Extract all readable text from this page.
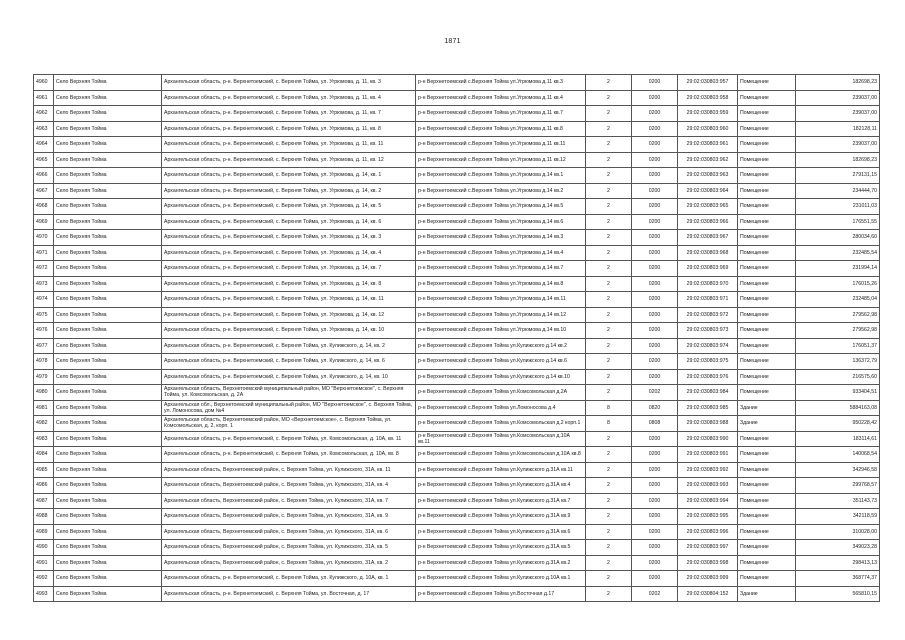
1871
4960	Село Верхняя Тойма	Архангельская область, р-н. Верхнетоемский, с. Верхняя Тойма, ул. Угрюмова, д. 11, кв. 3	р-н Верхнетоемский с.Верхняя Тойма ул.Угрюмова д.11 кв.3	2	0200	29:02:030803:957	Помещение	182698,23
4961	Село Верхняя Тойма	Архангельская область, р-н. Верхнетоемский, с. Верхняя Тойма, ул. Угрюмова, д. 11, кв. 4	р-н Верхнетоемский с.Верхняя Тойма ул.Угрюмова д.11 кв.4	2	0200	29:02:030803:958	Помещение	239037,00
4962	Село Верхняя Тойма	Архангельская область, р-н. Верхнетоемский, с. Верхняя Тойма, ул. Угрюмова, д. 11, кв. 7	р-н Верхнетоемский с.Верхняя Тойма ул.Угрюмова д.11 кв.7	2	0200	29:02:030803:959	Помещение	239037,00
4963	Село Верхняя Тойма	Архангельская область, р-н. Верхнетоемский, с. Верхняя Тойма, ул. Угрюмова, д. 11, кв. 8	р-н Верхнетоемский с.Верхняя Тойма ул.Угрюмова д.11 кв.8	2	0200	29:02:030803:960	Помещение	182128,11
4964	Село Верхняя Тойма	Архангельская область, р-н. Верхнетоемский, с. Верхняя Тойма, ул. Угрюмова, д. 11, кв. 11	р-н Верхнетоемский с.Верхняя Тойма ул.Угрюмова д.11 кв.11	2	0200	29:02:030803:961	Помещение	239037,00
4965	Село Верхняя Тойма	Архангельская область, р-н. Верхнетоемский, с. Верхняя Тойма, ул. Угрюмова, д. 11, кв. 12	р-н Верхнетоемский с.Верхняя Тойма ул.Угрюмова д.11 кв.12	2	0200	29:02:030803:962	Помещение	182698,23
4966	Село Верхняя Тойма	Архангельская область, р-н. Верхнетоемский, с. Верхняя Тойма, ул. Угрюмова, д. 14, кв. 1	р-н Верхнетоемский с.Верхняя Тойма ул.Угрюмова д.14 кв.1	2	0200	29:02:030803:963	Помещение	279131,15
4967	Село Верхняя Тойма	Архангельская область, р-н. Верхнетоемский, с. Верхняя Тойма, ул. Угрюмова, д. 14, кв. 2	р-н Верхнетоемский с.Верхняя Тойма ул.Угрюмова д.14 кв.2	2	0200	29:02:030803:964	Помещение	234444,70
4968	Село Верхняя Тойма	Архангельская область, р-н. Верхнетоемский, с. Верхняя Тойма, ул. Угрюмова, д. 14, кв. 5	р-н Верхнетоемский с.Верхняя Тойма ул.Угрюмова д.14 кв.5	2	0200	29:02:030803:965	Помещение	231011,03
4969	Село Верхняя Тойма	Архангельская область, р-н. Верхнетоемский, с. Верхняя Тойма, ул. Угрюмова, д. 14, кв. 6	р-н Верхнетоемский с.Верхняя Тойма ул.Угрюмова д.14 кв.6	2	0200	29:02:030803:966	Помещение	176551,55
4970	Село Верхняя Тойма	Архангельская область, р-н. Верхнетоемский, с. Верхняя Тойма, ул. Угрюмова, д. 14, кв. 3	р-н Верхнетоемский с.Верхняя Тойма ул.Угрюмова д.14 кв.3	2	0200	29:02:030803:967	Помещение	280034,60
4971	Село Верхняя Тойма	Архангельская область, р-н. Верхнетоемский, с. Верхняя Тойма, ул. Угрюмова, д. 14, кв. 4	р-н Верхнетоемский с.Верхняя Тойма ул.Угрюмова д.14 кв.4	2	0200	29:02:030803:968	Помещение	232485,54
4972	Село Верхняя Тойма	Архангельская область, р-н. Верхнетоемский, с. Верхняя Тойма, ул. Угрюмова, д. 14, кв. 7	р-н Верхнетоемский с.Верхняя Тойма ул.Угрюмова д.14 кв.7	2	0200	29:02:030803:969	Помещение	231994,14
4973	Село Верхняя Тойма	Архангельская область, р-н. Верхнетоемский, с. Верхняя Тойма, ул. Угрюмова, д. 14, кв. 8	р-н Верхнетоемский с.Верхняя Тойма ул.Угрюмова д.14 кв.8	2	0200	29:02:030803:970	Помещение	176015,26
4974	Село Верхняя Тойма	Архангельская область, р-н. Верхнетоемский, с. Верхняя Тойма, ул. Угрюмова, д. 14, кв. 11	р-н Верхнетоемский с.Верхняя Тойма ул.Угрюмова д.14 кв.11	2	0200	29:02:030803:971	Помещение	232485,04
4975	Село Верхняя Тойма	Архангельская область, р-н. Верхнетоемский, с. Верхняя Тойма, ул. Угрюмова, д. 14, кв. 12	р-н Верхнетоемский с.Верхняя Тойма ул.Угрюмова д.14 кв.12	2	0200	29:02:030803:972	Помещение	279562,98
4976	Село Верхняя Тойма	Архангельская область, р-н. Верхнетоемский, с. Верхняя Тойма, ул. Угрюмова, д. 14, кв. 10	р-н Верхнетоемский с.Верхняя Тойма ул.Угрюмова д.14 кв.10	2	0200	29:02:030803:973	Помещение	279562,98
4977	Село Верхняя Тойма	Архангельская область, р-н. Верхнетоемский, с. Верхняя Тойма, ул. Кулижского, д. 14, кв. 2	р-н Верхнетоемский с.Верхняя Тойма ул.Кулижского д.14 кв.2	2	0200	29:02:030803:974	Помещение	176051,37
4978	Село Верхняя Тойма	Архангельская область, р-н. Верхнетоемский, с. Верхняя Тойма, ул. Кулижского, д. 14, кв. 6	р-н Верхнетоемский с.Верхняя Тойма ул.Кулижского д.14 кв.6	2	0200	29:02:030803:975	Помещение	136372,79
4979	Село Верхняя Тойма	Архангельская область, р-н. Верхнетоемский, с. Верхняя Тойма, ул. Кулижского, д. 14, кв. 10	р-н Верхнетоемский с.Верхняя Тойма ул.Кулижского д.14 кв.10	2	0200	29:02:030803:976	Помещение	216575,60
4980	Село Верхняя Тойма	Архангельская область, Верхнетоемский муниципальный район, МО "Верхнетоемское", с. Верхняя Тойма, ул. Комсомольская, д. 2А	р-н Верхнетоемский с.Верхняя Тойма ул.Комсомольская д.2А	2	0202	29:02:030803:984	Помещение	933404,51
4981	Село Верхняя Тойма	Архангельская обл., Верхнетоемский муниципальный район, МО "Верхнетоемское", с. Верхняя Тойма, ул. Ломоносова, дом №4	р-н Верхнетоемский с.Верхняя Тойма ул.Ломоносова д.4	8	0820	29:02:030803:985	Здание	5884163,08
4982	Село Верхняя Тойма	Архангельская область, Верхнетоемский район, МО «Верхнетоемское», с. Верхняя Тойма, ул. Комсомольская, д. 2, корп. 1	р-н Верхнетоемский с.Верхняя Тойма ул.Комсомольская д.2 корп.1	8	0808	29:02:030803:988	Здание	950228,42
4983	Село Верхняя Тойма	Архангельская область, р-н. Верхнетоемский, с. Верхняя Тойма, ул. Комсомольская, д. 10А, кв. 11	р-н Верхнетоемский с.Верхняя Тойма ул.Комсомольская д.10А кв.11	2	0200	29:02:030803:990	Помещение	183114,61
4984	Село Верхняя Тойма	Архангельская область, р-н. Верхнетоемский, с. Верхняя Тойма, ул. Комсомольская, д. 10А, кв. 8	р-н Верхнетоемский с.Верхняя Тойма ул.Комсомольская д.10А кв.8	2	0200	29:02:030803:991	Помещение	140068,54
4985	Село Верхняя Тойма	Архангельская область, Верхнетоемский район, с. Верхняя Тойма, ул. Кулижского, 31А, кв. 11	р-н Верхнетоемский с.Верхняя Тойма ул.Кулижского д.31А кв.11	2	0200	29:02:030803:992	Помещение	342946,58
4986	Село Верхняя Тойма	Архангельская область, Верхнетоемский район, с. Верхняя Тойма, ул. Кулижского, 31А, кв. 4	р-н Верхнетоемский с.Верхняя Тойма ул.Кулижского д.31А кв.4	2	0200	29:02:030803:993	Помещение	299768,57
4987	Село Верхняя Тойма	Архангельская область, Верхнетоемский район, с. Верхняя Тойма, ул. Кулижского, 31А, кв. 7	р-н Верхнетоемский с.Верхняя Тойма ул.Кулижского д.31А кв.7	2	0200	29:02:030803:994	Помещение	351143,73
4988	Село Верхняя Тойма	Архангельская область, Верхнетоемский район, с. Верхняя Тойма, ул. Кулижского, 31А, кв. 9	р-н Верхнетоемский с.Верхняя Тойма ул.Кулижского д.31А кв.9	2	0200	29:02:030803:995	Помещение	342118,59
4989	Село Верхняя Тойма	Архангельская область, Верхнетоемский район, с. Верхняя Тойма, ул. Кулижского, 31А, кв. 6	р-н Верхнетоемский с.Верхняя Тойма ул.Кулижского д.31А кв.6	2	0200	29:02:030803:996	Помещение	310028,00
4990	Село Верхняя Тойма	Архангельская область, Верхнетоемский район, с. Верхняя Тойма, ул. Кулижского, 31А, кв. 5	р-н Верхнетоемский с.Верхняя Тойма ул.Кулижского д.31А кв.5	2	0200	29:02:030803:997	Помещение	349023,28
4991	Село Верхняя Тойма	Архангельская область, Верхнетоемский район, с. Верхняя Тойма, ул. Кулижского, 31А, кв. 2	р-н Верхнетоемский с.Верхняя Тойма ул.Кулижского д.31А кв.2	2	0200	29:02:030803:998	Помещение	298413,13
4992	Село Верхняя Тойма	Архангельская область, р-н. Верхнетоемский, с. Верхняя Тойма, ул. Кулижского, д. 10А, кв. 1	р-н Верхнетоемский с.Верхняя Тойма ул.Кулижского д.10А кв.1	2	0200	29:02:030803:999	Помещение	368774,37
4993	Село Верхняя Тойма	Архангельская область, р-н. Верхнетоемский, с. Верхняя Тойма, ул. Восточная, д. 17	р-н Верхнетоемский с.Верхняя Тойма ул.Восточная д.17	2	0202	29:02:030804:152	Здание	565810,15
